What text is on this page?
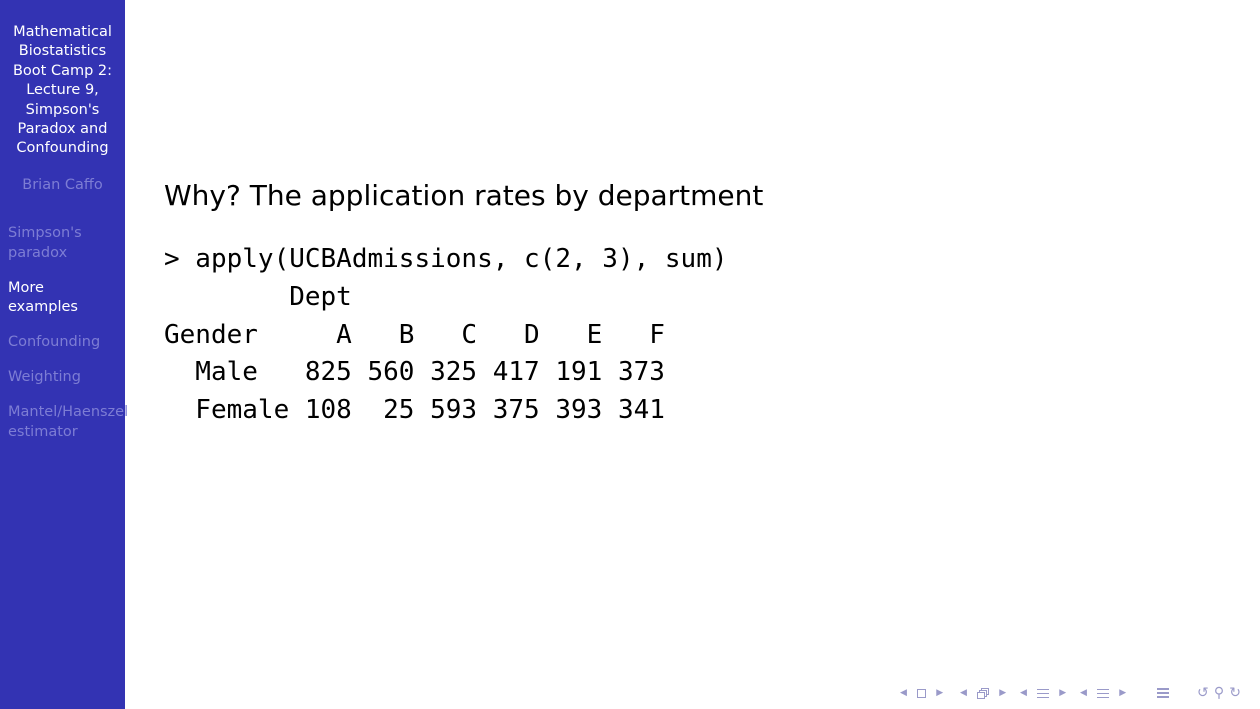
Mathematical
Biostatistics
Boot Camp 2:
Lecture 9,
Simpson's
Paradox and
Confounding
Brian Caffo
Simpson's
paradox
More
examples
Confounding
Weighting
Mantel/Haenszel
estimator
Why? The application rates by department
> apply(UCBAdmissions, c(2, 3), sum)
Dept
Gender     A   B   C   D   E   F
Male   825 560 325 417 191 373
Female 108  25 593 375 393 341
◀	▶ ◀	▶ ◀	▶ ◀	▶	↺ ⚲ ↻
